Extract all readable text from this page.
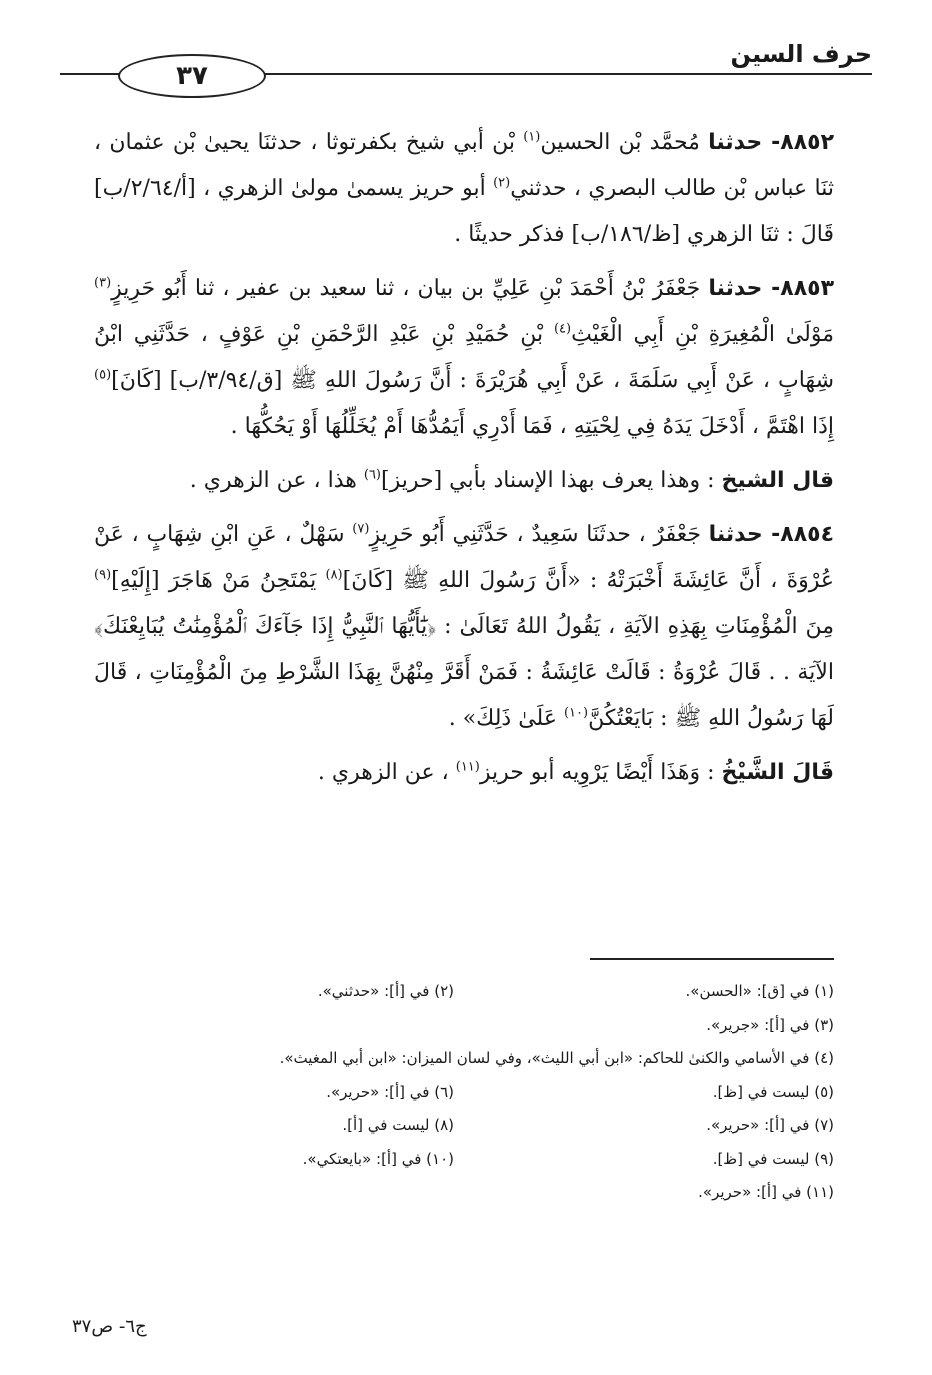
حرف السين
٣٧

٨٨٥٢- حدثنا مُحمَّد بْن الحسين$^{(١)}$ بْن أبي شيخ بكفرتوثا ، حدثنَا يحيىٰ بْن عثمان ، ثنَا عباس بْن طالب البصري ، حدثني$^{(٢)}$ أبو حريز يسمىٰ مولىٰ الزهري ، [أ/٢/٦٤/ب] قَالَ : ثنَا الزهري [ظ/١٨٦/ب] فذكر حديثًا .

٨٨٥٣- حدثنا جَعْفَرُ بْنُ أَحْمَدَ بْنِ عَلِيِّ بن بيان ، ثنا سعيد بن عفير ، ثنا أَبُو حَرِيزٍ$^{(٣)}$ مَوْلَىٰ الْمُغِيرَةِ بْنِ أَبِي الْغَيْثِ$^{(٤)}$ بْنِ حُمَيْدِ بْنِ عَبْدِ الرَّحْمَنِ بْنِ عَوْفٍ ، حَدَّثَنِي ابْنُ شِهَابٍ ، عَنْ أَبِي سَلَمَةَ ، عَنْ أَبِي هُرَيْرَةَ : أَنَّ رَسُولَ اللهِ ﷺ [ق/٣/٩٤/ب] [كَانَ]$^{(٥)}$ إِذَا اهْتَمَّ ، أَدْخَلَ يَدَهُ فِي لِحْيَتِهِ ، فَمَا أَدْرِي أَيَمُدُّهَا أَمْ يُخَلِّلُهَا أَوْ يَحُكُّهَا .

قال الشيخ : وهذا يعرف بهذا الإسناد بأبي [حريز]$^{(٦)}$ هذا ، عن الزهري .

٨٨٥٤- حدثنا جَعْفَرٌ ، حدثَنَا سَعِيدٌ ، حَدَّثَنِي أَبُو حَرِيزٍ$^{(٧)}$ سَهْلٌ ، عَنِ ابْنِ شِهَابٍ ، عَنْ عُرْوَةَ ، أَنَّ عَائِشَةَ أَخْبَرَتْهُ : «أَنَّ رَسُولَ اللهِ ﷺ [كَانَ]$^{(٨)}$ يَمْتَحِنُ مَنْ هَاجَرَ [إِلَيْهِ]$^{(٩)}$ مِنَ الْمُؤْمِنَاتِ بِهَذِهِ الآيَةِ ، يَقُولُ اللهُ تَعَالَىٰ : ﴿يَٰٓأَيُّهَا ٱلنَّبِيُّ إِذَا جَآءَكَ ٱلْمُؤْمِنَٰتُ يُبَايِعْنَكَ﴾ الآيَة . . قَالَ عُرْوَةُ : قَالَتْ عَائِشَةُ : فَمَنْ أَقَرَّ مِنْهُنَّ بِهَذَا الشَّرْطِ مِنَ الْمُؤْمِنَاتِ ، قَالَ لَهَا رَسُولُ اللهِ ﷺ : بَايَعْتُكُنَّ$^{(١٠)}$ عَلَىٰ ذَلِكَ» .

قَالَ الشَّيْخُ : وَهَذَا أَيْضًا يَرْوِيه أبو حريز$^{(١١)}$ ، عن الزهري .

(١) في [ق]: «الحسن».
(٢) في [أ]: «حدثني».
(٣) في [أ]: «جرير».
(٤) في الأسامي والكنىٰ للحاكم: «ابن أبي الليث»، وفي لسان الميزان: «ابن أبي المغيث».
(٥) ليست في [ظ].
(٦) في [أ]: «حرير».
(٧) في [أ]: «حرير».
(٨) ليست في [أ].
(٩) ليست في [ظ].
(١٠) في [أ]: «بايعتكي».
(١١) في [أ]: «حرير».
ج٦- ص٣٧
